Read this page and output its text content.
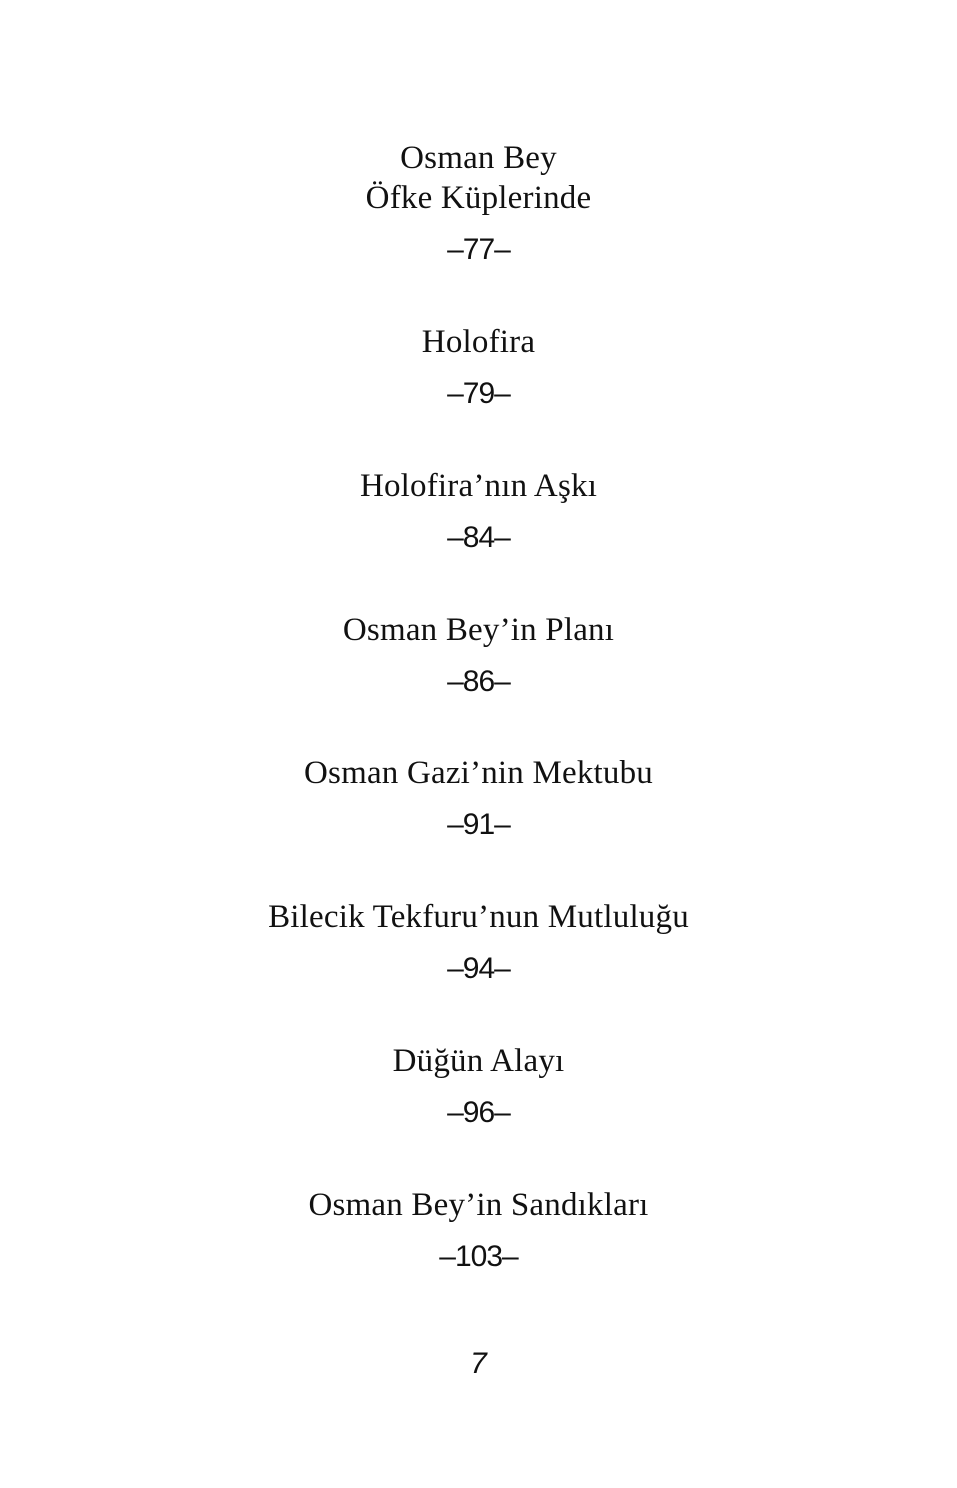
Osman Bey
Öfke Küplerinde
–77–
Holofira
–79–
Holofira’nın Aşkı
–84–
Osman Bey’in Planı
–86–
Osman Gazi’nin Mektubu
–91–
Bilecik Tekfuru’nun Mutluluğu
–94–
Düğün Alayı
–96–
Osman Bey’in Sandıkları
–103–
7
